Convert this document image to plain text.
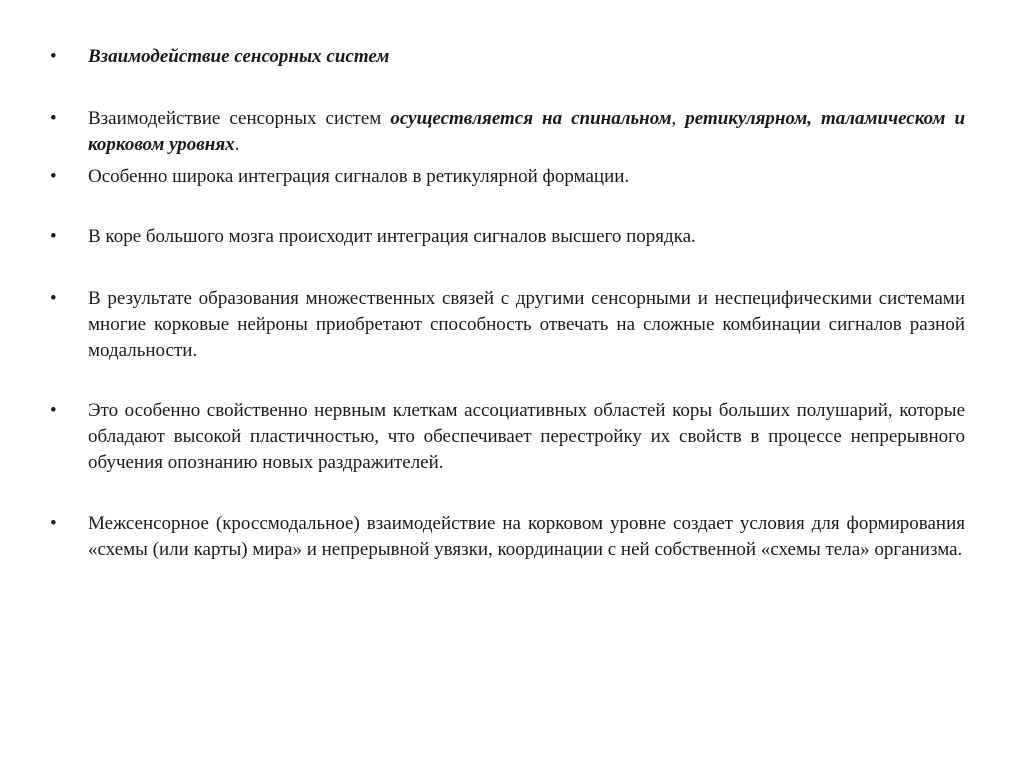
•	Взаимодействие сенсорных систем
•	Взаимодействие сенсорных систем осуществляется на спинальном, ретикулярном, таламическом и корковом уровнях.
•	Особенно широка интеграция сигналов в ретикулярной формации.
•	В коре большого мозга происходит интеграция сигналов высшего порядка.
•	В результате образования множественных связей с другими сенсорными и неспецифическими системами многие корковые нейроны приобретают способность отвечать на сложные комбинации сигналов разной модальности.
•	Это особенно свойственно нервным клеткам ассоциативных областей коры больших полушарий, которые обладают высокой пластичностью, что обеспечивает перестройку их свойств в процессе непрерывного обучения опознанию новых раздражителей.
•	Межсенсорное (кроссмодальное) взаимодействие на корковом уровне создает условия для формирования «схемы (или карты) мира» и непрерывной увязки, координации с ней собственной «схемы тела» организма.
